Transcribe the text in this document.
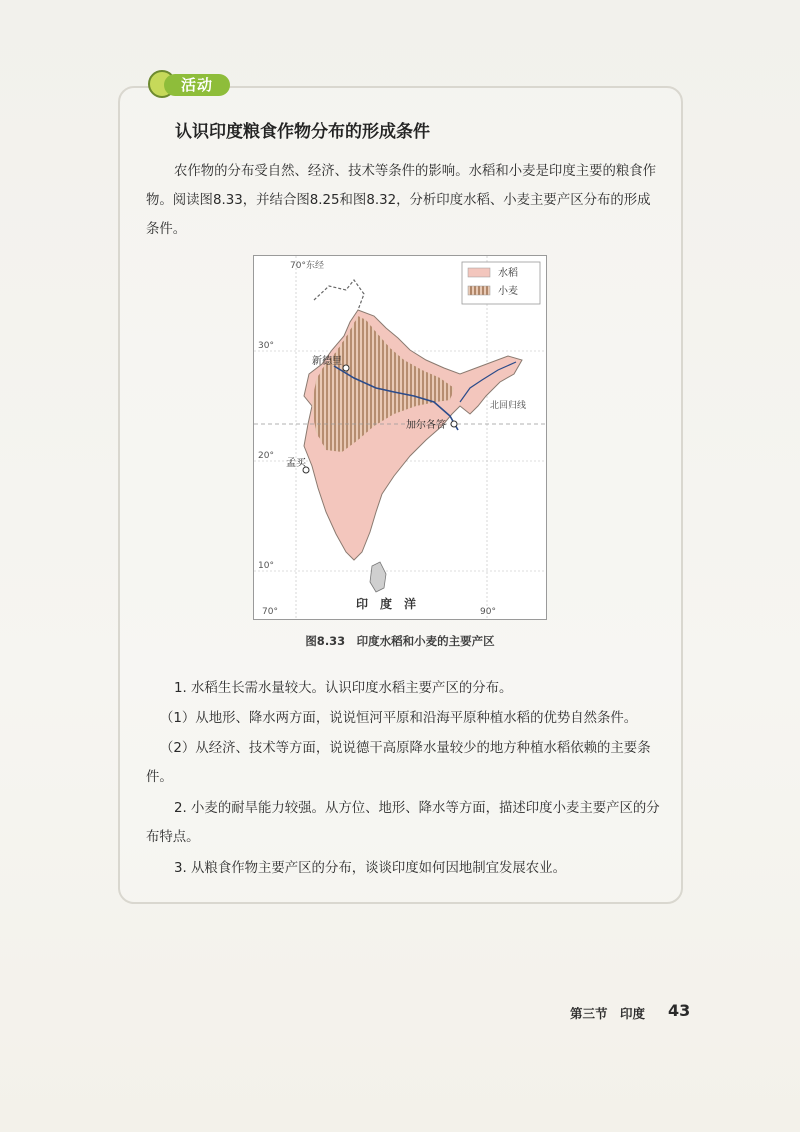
活动
认识印度粮食作物分布的形成条件
农作物的分布受自然、经济、技术等条件的影响。水稻和小麦是印度主要的粮食作物。阅读图8.33，并结合图8.25和图8.32，分析印度水稻、小麦主要产区分布的形成条件。
水稻
小麦
70°东经
30°
20°
10°
新德里
加尔各答
孟买
北回归线
印　度　洋
70°	90°
图8.33　印度水稻和小麦的主要产区
1. 水稻生长需水量较大。认识印度水稻主要产区的分布。
（1）从地形、降水两方面，说说恒河平原和沿海平原种植水稻的优势自然条件。
（2）从经济、技术等方面，说说德干高原降水量较少的地方种植水稻依赖的主要条件。
2. 小麦的耐旱能力较强。从方位、地形、降水等方面，描述印度小麦主要产区的分布特点。
3. 从粮食作物主要产区的分布，谈谈印度如何因地制宜发展农业。
第三节　印度 43
